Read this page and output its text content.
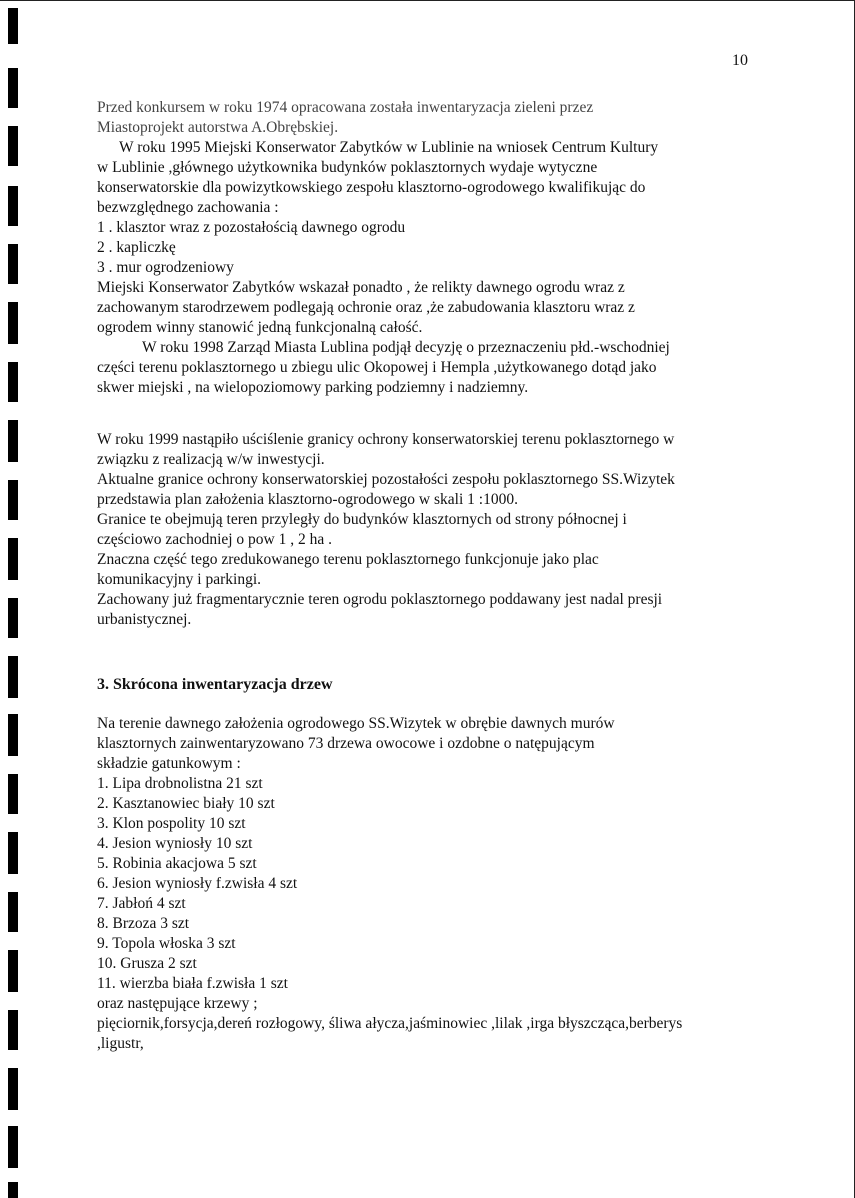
10

Przed konkursem w roku 1974 opracowana została inwentaryzacja zieleni przez

Miastoprojekt autorstwa A.Obrębskiej.

W roku 1995 Miejski Konserwator Zabytków w Lublinie na wniosek Centrum Kultury

w Lublinie ,głównego użytkownika budynków poklasztornych wydaje wytyczne

konserwatorskie dla powizytkowskiego zespołu klasztorno-ogrodowego kwalifikując do

bezwzględnego zachowania :

1 . klasztor wraz z pozostałością dawnego ogrodu

2 . kapliczkę

3 . mur ogrodzeniowy

Miejski Konserwator Zabytków wskazał ponadto , że relikty dawnego ogrodu wraz z

zachowanym starodrzewem podlegają ochronie oraz ,że zabudowania klasztoru wraz z

ogrodem winny stanowić jedną funkcjonalną całość.

W roku 1998 Zarząd Miasta Lublina podjął decyzję o przeznaczeniu płd.-wschodniej

części terenu poklasztornego u zbiegu ulic Okopowej i Hempla ,użytkowanego dotąd jako

skwer miejski , na wielopoziomowy parking podziemny i nadziemny.

W roku 1999 nastąpiło uściślenie granicy ochrony konserwatorskiej terenu poklasztornego w

związku z realizacją w/w inwestycji.

Aktualne granice ochrony konserwatorskiej pozostałości zespołu poklasztornego SS.Wizytek

przedstawia plan założenia klasztorno-ogrodowego w skali 1 :1000.

Granice te obejmują teren przyległy do budynków klasztornych od strony północnej i

częściowo zachodniej o pow 1 , 2 ha .

Znaczna część tego zredukowanego terenu poklasztornego funkcjonuje jako plac

komunikacyjny i parkingi.

Zachowany już fragmentarycznie teren ogrodu poklasztornego poddawany jest nadal presji

urbanistycznej.

3. Skrócona inwentaryzacja drzew

Na terenie dawnego założenia ogrodowego SS.Wizytek w obrębie dawnych murów

klasztornych zainwentaryzowano 73 drzewa owocowe i ozdobne o natępującym

składzie gatunkowym :

1. Lipa drobnolistna 21 szt

2. Kasztanowiec biały 10 szt

3. Klon pospolity 10 szt

4. Jesion wyniosły 10 szt

5. Robinia akacjowa 5 szt

6. Jesion wyniosły f.zwisła 4 szt

7. Jabłoń 4 szt

8. Brzoza 3 szt

9. Topola włoska 3 szt

10. Grusza 2 szt

11. wierzba biała f.zwisła 1 szt

oraz następujące krzewy ;

pięciornik,forsycja,dereń rozłogowy, śliwa ałycza,jaśminowiec ,lilak ,irga błyszcząca,berberys

,ligustr,
